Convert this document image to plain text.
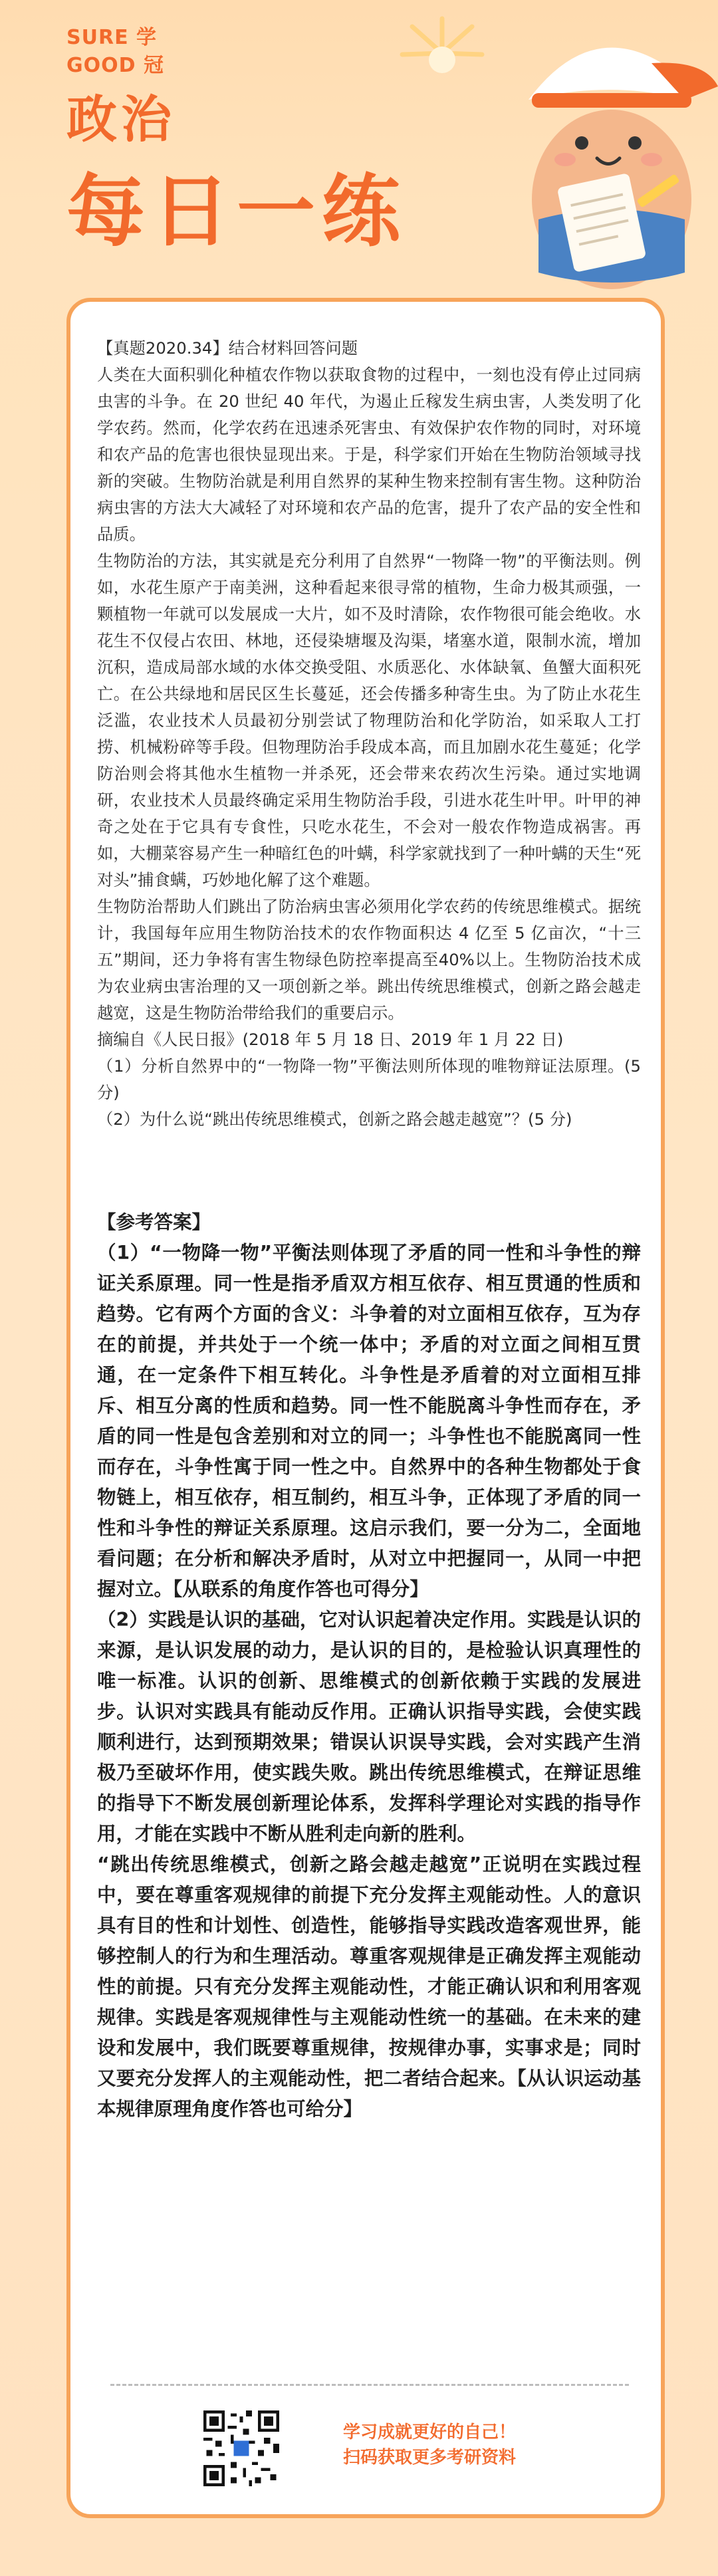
SURE 学
GOOD 冠
政治
每日一练

【真题2020.34】结合材料回答问题

人类在大面积驯化种植农作物以获取食物的过程中，一刻也没有停止过同病虫害的斗争。在 20 世纪 40 年代，为遏止丘稼发生病虫害，人类发明了化学农药。然而，化学农药在迅速杀死害虫、有效保护农作物的同时，对环境和农产品的危害也很快显现出来。于是，科学家们开始在生物防治领域寻找新的突破。生物防治就是利用自然界的某种生物来控制有害生物。这种防治病虫害的方法大大减轻了对环境和农产品的危害，提升了农产品的安全性和品质。

生物防治的方法，其实就是充分利用了自然界“一物降一物”的平衡法则。例如，水花生原产于南美洲，这种看起来很寻常的植物，生命力极其顽强，一颗植物一年就可以发展成一大片，如不及时清除，农作物很可能会绝收。水花生不仅侵占农田、林地，还侵染塘堰及沟渠，堵塞水道，限制水流，增加沉积，造成局部水域的水体交换受阻、水质恶化、水体缺氧、鱼蟹大面积死亡。在公共绿地和居民区生长蔓延，还会传播多种寄生虫。为了防止水花生泛滥，农业技术人员最初分别尝试了物理防治和化学防治，如采取人工打捞、机械粉碎等手段。但物理防治手段成本高，而且加剧水花生蔓延；化学防治则会将其他水生植物一并杀死，还会带来农药次生污染。通过实地调研，农业技术人员最终确定采用生物防治手段，引进水花生叶甲。叶甲的神奇之处在于它具有专食性，只吃水花生，不会对一般农作物造成祸害。再如，大棚菜容易产生一种暗红色的叶螨，科学家就找到了一种叶螨的天生“死对头”捕食螨，巧妙地化解了这个难题。

生物防治帮助人们跳出了防治病虫害必须用化学农药的传统思维模式。据统计，我国每年应用生物防治技术的农作物面积达 4 亿至 5 亿亩次，“十三五”期间，还力争将有害生物绿色防控率提高至40%以上。生物防治技术成为农业病虫害治理的又一项创新之举。跳出传统思维模式，创新之路会越走越宽，这是生物防治带给我们的重要启示。

摘编自《人民日报》(2018 年 5 月 18 日、2019 年 1 月 22 日)

（1）分析自然界中的“一物降一物”平衡法则所体现的唯物辩证法原理。(5 分)

（2）为什么说“跳出传统思维模式，创新之路会越走越宽”？(5 分)

【参考答案】

（1）“一物降一物”平衡法则体现了矛盾的同一性和斗争性的辩证关系原理。同一性是指矛盾双方相互依存、相互贯通的性质和趋势。它有两个方面的含义：斗争着的对立面相互依存，互为存在的前提，并共处于一个统一体中；矛盾的对立面之间相互贯通，在一定条件下相互转化。斗争性是矛盾着的对立面相互排斥、相互分离的性质和趋势。同一性不能脱离斗争性而存在，矛盾的同一性是包含差别和对立的同一；斗争性也不能脱离同一性而存在，斗争性寓于同一性之中。自然界中的各种生物都处于食物链上，相互依存，相互制约，相互斗争，正体现了矛盾的同一性和斗争性的辩证关系原理。这启示我们，要一分为二，全面地看问题；在分析和解决矛盾时，从对立中把握同一，从同一中把握对立。【从联系的角度作答也可得分】

（2）实践是认识的基础，它对认识起着决定作用。实践是认识的来源，是认识发展的动力，是认识的目的，是检验认识真理性的唯一标准。认识的创新、思维模式的创新依赖于实践的发展进步。认识对实践具有能动反作用。正确认识指导实践，会使实践顺利进行，达到预期效果；错误认识误导实践，会对实践产生消极乃至破坏作用，使实践失败。跳出传统思维模式，在辩证思维的指导下不断发展创新理论体系，发挥科学理论对实践的指导作用，才能在实践中不断从胜利走向新的胜利。

“跳出传统思维模式，创新之路会越走越宽”正说明在实践过程中，要在尊重客观规律的前提下充分发挥主观能动性。人的意识具有目的性和计划性、创造性，能够指导实践改造客观世界，能够控制人的行为和生理活动。尊重客观规律是正确发挥主观能动性的前提。只有充分发挥主观能动性，才能正确认识和利用客观规律。实践是客观规律性与主观能动性统一的基础。在未来的建设和发展中，我们既要尊重规律，按规律办事，实事求是；同时又要充分发挥人的主观能动性，把二者结合起来。【从认识运动基本规律原理角度作答也可给分】

学习成就更好的自己！
扫码获取更多考研资料
